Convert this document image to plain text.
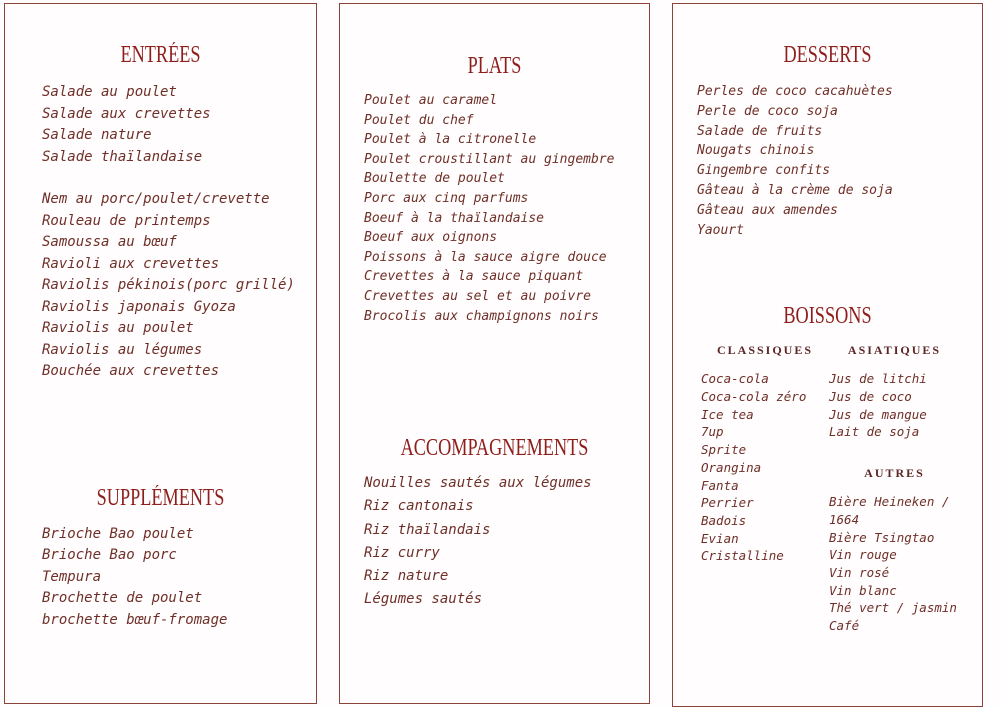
ENTRÉES
Salade au poulet
Salade aux crevettes
Salade nature
Salade thaïlandaise
Nem au porc/poulet/crevette
Rouleau de printemps
Samoussa au bœuf
Ravioli aux crevettes
Raviolis pékinois(porc grillé)
Raviolis japonais Gyoza
Raviolis au poulet
Raviolis au légumes
Bouchée aux crevettes
SUPPLÉMENTS
Brioche Bao poulet
Brioche Bao porc
Tempura
Brochette de poulet
brochette bœuf-fromage
PLATS
Poulet au caramel
Poulet du chef
Poulet à la citronelle
Poulet croustillant au gingembre
Boulette de poulet
Porc aux cinq parfums
Boeuf à la thaïlandaise
Boeuf aux oignons
Poissons à la sauce aigre douce
Crevettes à la sauce piquant
Crevettes au sel et au poivre
Brocolis aux champignons noirs
ACCOMPAGNEMENTS
Nouilles sautés aux légumes
Riz cantonais
Riz thaïlandais
Riz curry
Riz nature
Légumes sautés
DESSERTS
Perles de coco cacahuètes
Perle de coco soja
Salade de fruits
Nougats chinois
Gingembre confits
Gâteau à la crème de soja
Gâteau aux amendes
Yaourt
BOISSONS
CLASSIQUES
Coca-cola
Coca-cola zéro
Ice tea
7up
Sprite
Orangina
Fanta
Perrier
Badois
Evian
Cristalline
ASIATIQUES
Jus de litchi
Jus de coco
Jus de mangue
Lait de soja
AUTRES
Bière Heineken /
1664
Bière Tsingtao
Vin rouge
Vin rosé
Vin blanc
Thé vert / jasmin
Café
